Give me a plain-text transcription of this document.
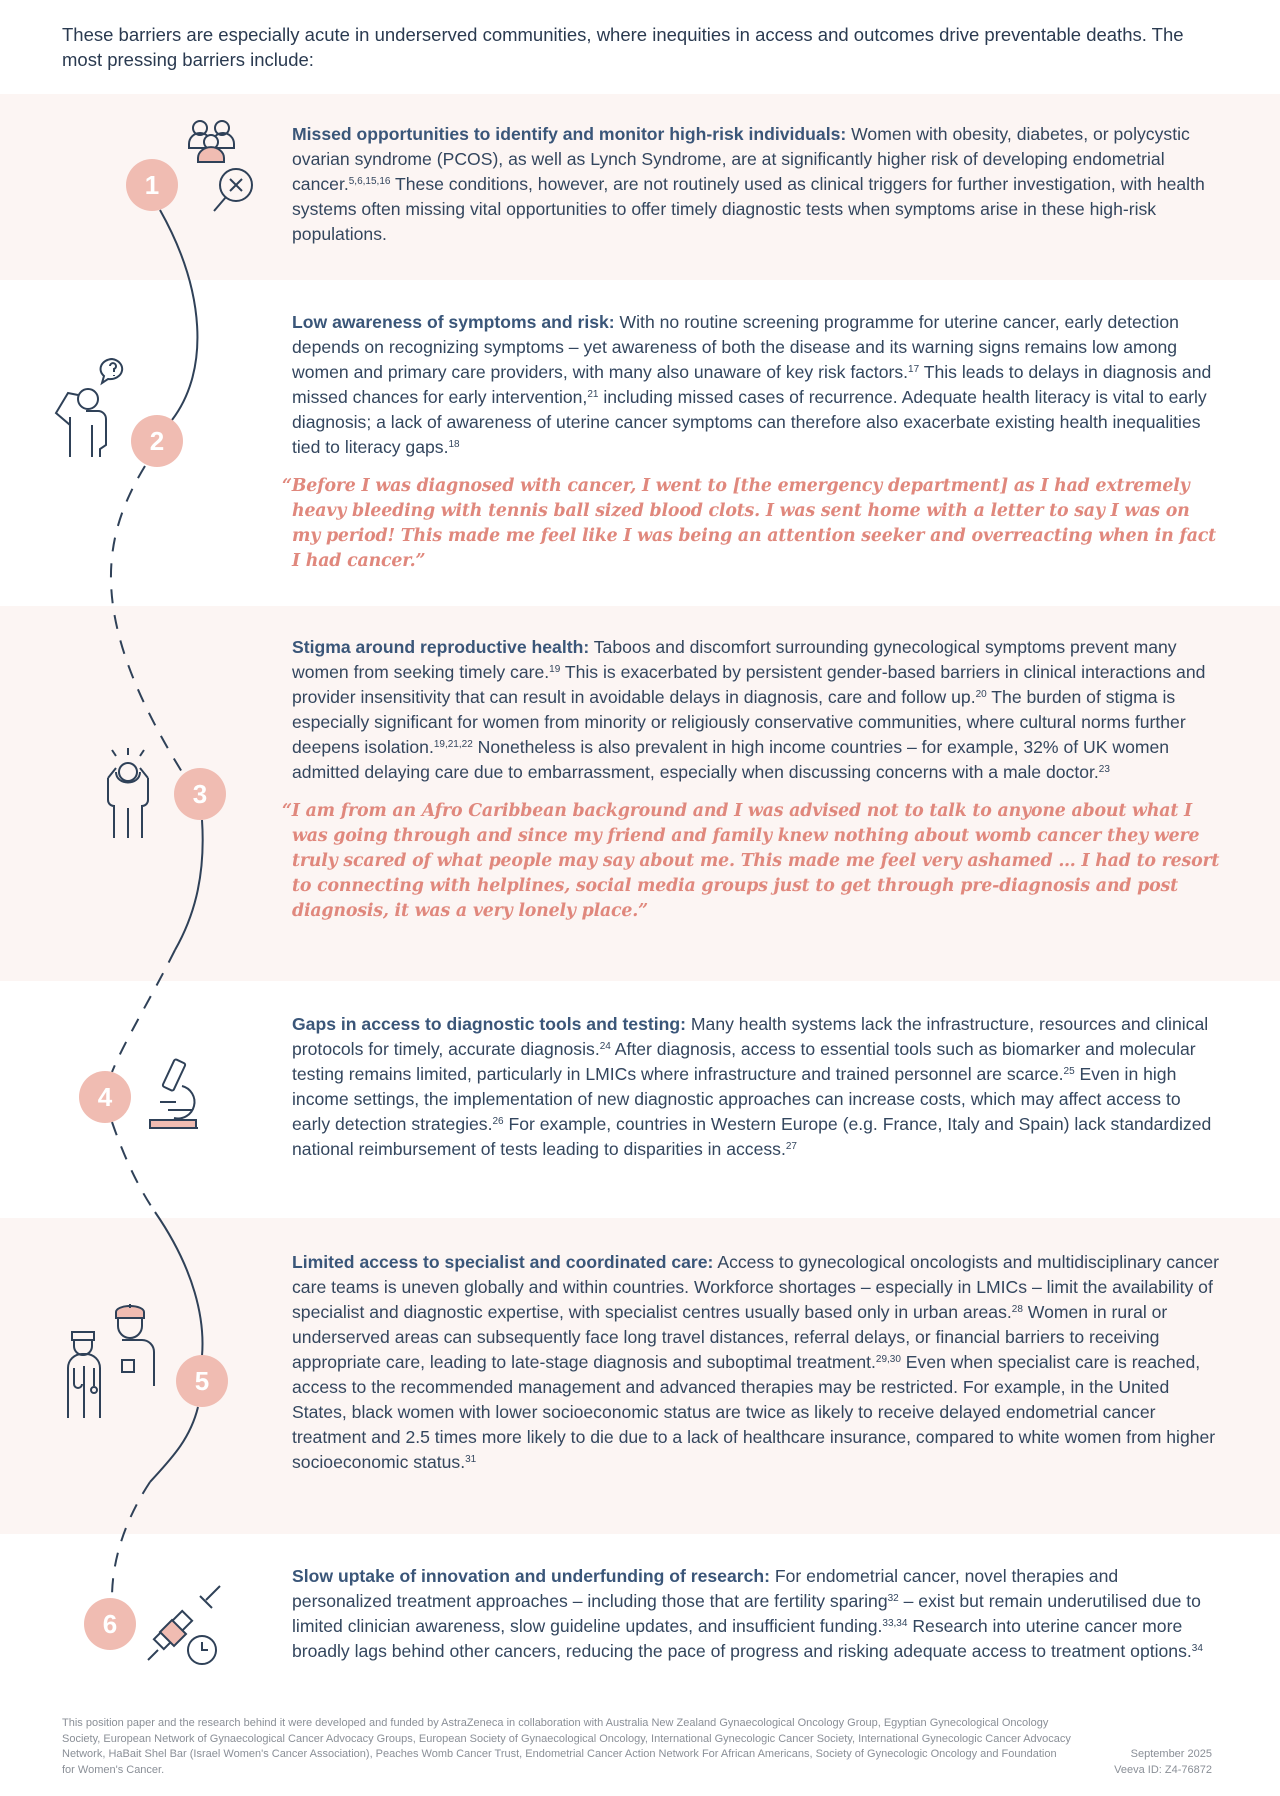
These barriers are especially acute in underserved communities, where inequities in access and outcomes drive preventable deaths. The most pressing barriers include:

1
2
3
4
5
6

Missed opportunities to identify and monitor high-risk individuals: Women with obesity, diabetes, or polycystic ovarian syndrome (PCOS), as well as Lynch Syndrome, are at significantly higher risk of developing endometrial cancer.$^{5,6,15,16}$ These conditions, however, are not routinely used as clinical triggers for further investigation, with health systems often missing vital opportunities to offer timely diagnostic tests when symptoms arise in these high-risk populations.

Low awareness of symptoms and risk: With no routine screening programme for uterine cancer, early detection depends on recognizing symptoms – yet awareness of both the disease and its warning signs remains low among women and primary care providers, with many also unaware of key risk factors.$^{17}$ This leads to delays in diagnosis and missed chances for early intervention,$^{21}$ including missed cases of recurrence. Adequate health literacy is vital to early diagnosis; a lack of awareness of uterine cancer symptoms can therefore also exacerbate existing health inequalities tied to literacy gaps.$^{18}$

“Before I was diagnosed with cancer, I went to [the emergency department] as I had extremely heavy bleeding with tennis ball sized blood clots. I was sent home with a letter to say I was on my period! This made me feel like I was being an attention seeker and overreacting when in fact I had cancer.”

Stigma around reproductive health: Taboos and discomfort surrounding gynecological symptoms prevent many women from seeking timely care.$^{19}$ This is exacerbated by persistent gender-based barriers in clinical interactions and provider insensitivity that can result in avoidable delays in diagnosis, care and follow up.$^{20}$ The burden of stigma is especially significant for women from minority or religiously conservative communities, where cultural norms further deepens isolation.$^{19,21,22}$ Nonetheless is also prevalent in high income countries – for example, 32% of UK women admitted delaying care due to embarrassment, especially when discussing concerns with a male doctor.$^{23}$

“I am from an Afro Caribbean background and I was advised not to talk to anyone about what I was going through and since my friend and family knew nothing about womb cancer they were truly scared of what people may say about me. This made me feel very ashamed … I had to resort to connecting with helplines, social media groups just to get through pre-diagnosis and post diagnosis, it was a very lonely place.”

Gaps in access to diagnostic tools and testing: Many health systems lack the infrastructure, resources and clinical protocols for timely, accurate diagnosis.$^{24}$ After diagnosis, access to essential tools such as biomarker and molecular testing remains limited, particularly in LMICs where infrastructure and trained personnel are scarce.$^{25}$ Even in high income settings, the implementation of new diagnostic approaches can increase costs, which may affect access to early detection strategies.$^{26}$ For example, countries in Western Europe (e.g. France, Italy and Spain) lack standardized national reimbursement of tests leading to disparities in access.$^{27}$

Limited access to specialist and coordinated care: Access to gynecological oncologists and multidisciplinary cancer care teams is uneven globally and within countries. Workforce shortages – especially in LMICs – limit the availability of specialist and diagnostic expertise, with specialist centres usually based only in urban areas.$^{28}$ Women in rural or underserved areas can subsequently face long travel distances, referral delays, or financial barriers to receiving appropriate care, leading to late-stage diagnosis and suboptimal treatment.$^{29,30}$ Even when specialist care is reached, access to the recommended management and advanced therapies may be restricted. For example, in the United States, black women with lower socioeconomic status are twice as likely to receive delayed endometrial cancer treatment and 2.5 times more likely to die due to a lack of healthcare insurance, compared to white women from higher socioeconomic status.$^{31}$

Slow uptake of innovation and underfunding of research: For endometrial cancer, novel therapies and personalized treatment approaches – including those that are fertility sparing$^{32}$ – exist but remain underutilised due to limited clinician awareness, slow guideline updates, and insufficient funding.$^{33,34}$ Research into uterine cancer more broadly lags behind other cancers, reducing the pace of progress and risking adequate access to treatment options.$^{34}$

This position paper and the research behind it were developed and funded by AstraZeneca in collaboration with Australia New Zealand Gynaecological Oncology Group, Egyptian Gynecological Oncology Society, European Network of Gynaecological Cancer Advocacy Groups, European Society of Gynaecological Oncology, International Gynecologic Cancer Society, International Gynecologic Cancer Advocacy Network, HaBait Shel Bar (Israel Women's Cancer Association), Peaches Womb Cancer Trust, Endometrial Cancer Action Network For African Americans, Society of Gynecologic Oncology and Foundation for Women's Cancer.
September 2025
Veeva ID: Z4-76872
